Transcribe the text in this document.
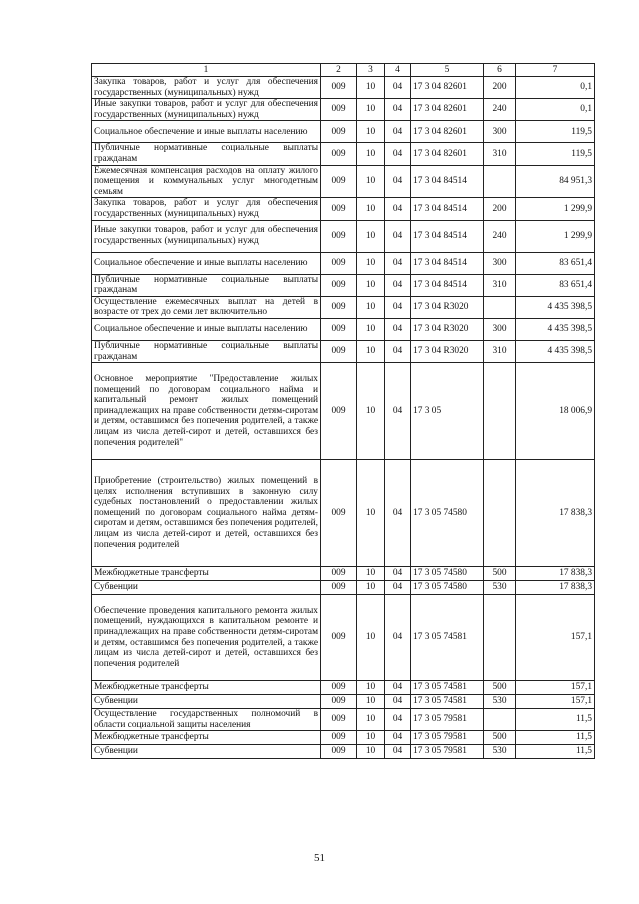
1	2	3	4	5	6	7
Закупка товаров, работ и услуг для обеспечения государственных (муниципальных) нужд	009	10	04	17 3 04 82601	200	0,1
Иные закупки товаров, работ и услуг для обеспечения государственных (муниципальных) нужд	009	10	04	17 3 04 82601	240	0,1
Социальное обеспечение и иные выплаты населению	009	10	04	17 3 04 82601	300	119,5
Публичные нормативные социальные выплаты гражданам	009	10	04	17 3 04 82601	310	119,5
Ежемесячная компенсация расходов на оплату жилого помещения и коммунальных услуг многодетным семьям	009	10	04	17 3 04 84514		84 951,3
Закупка товаров, работ и услуг для обеспечения государственных (муниципальных) нужд	009	10	04	17 3 04 84514	200	1 299,9
Иные закупки товаров, работ и услуг для обеспечения государственных (муниципальных) нужд	009	10	04	17 3 04 84514	240	1 299,9
Социальное обеспечение и иные выплаты населению	009	10	04	17 3 04 84514	300	83 651,4
Публичные нормативные социальные выплаты гражданам	009	10	04	17 3 04 84514	310	83 651,4
Осуществление ежемесячных выплат на детей в возрасте от трех до семи лет включительно	009	10	04	17 3 04 R3020		4 435 398,5
Социальное обеспечение и иные выплаты населению	009	10	04	17 3 04 R3020	300	4 435 398,5
Публичные нормативные социальные выплаты гражданам	009	10	04	17 3 04 R3020	310	4 435 398,5
Основное мероприятие "Предоставление жилых помещений по договорам социального найма и капитальный ремонт жилых помещений принадлежащих на праве собственности детям-сиротам и детям, оставшимся без попечения родителей, а также лицам из числа детей-сирот и детей, оставшихся без попечения родителей"	009	10	04	17 3 05		18 006,9
Приобретение (строительство) жилых помещений в целях исполнения вступивших в законную силу судебных постановлений о предоставлении жилых помещений по договорам социального найма детям-сиротам и детям, оставшимся без попечения родителей, лицам из числа детей-сирот и детей, оставшихся без попечения родителей	009	10	04	17 3 05 74580		17 838,3
Межбюджетные трансферты	009	10	04	17 3 05 74580	500	17 838,3
Субвенции	009	10	04	17 3 05 74580	530	17 838,3
Обеспечение проведения капитального ремонта жилых помещений, нуждающихся в капитальном ремонте и принадлежащих на праве собственности детям-сиротам и детям, оставшимся без попечения родителей, а также лицам из числа детей-сирот и детей, оставшихся без попечения родителей	009	10	04	17 3 05 74581		157,1
Межбюджетные трансферты	009	10	04	17 3 05 74581	500	157,1
Субвенции	009	10	04	17 3 05 74581	530	157,1
Осуществление государственных полномочий в области социальной защиты населения	009	10	04	17 3 05 79581		11,5
Межбюджетные трансферты	009	10	04	17 3 05 79581	500	11,5
Субвенции	009	10	04	17 3 05 79581	530	11,5
51
